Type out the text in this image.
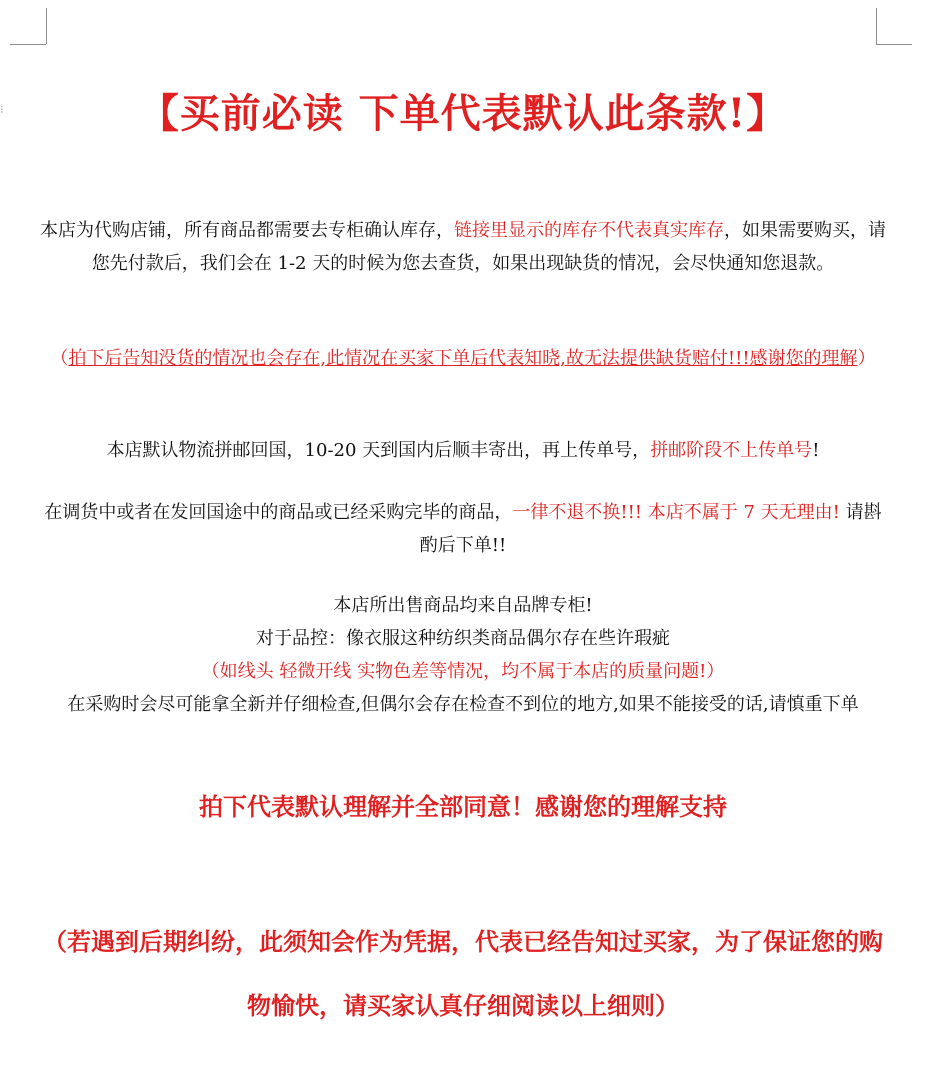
⁝	【买前必读 下单代表默认此条款!】

本店为代购店铺，所有商品都需要去专柜确认库存，链接里显示的库存不代表真实库存，如果需要购买，请您先付款后，我们会在 1-2 天的时候为您去查货，如果出现缺货的情况，会尽快通知您退款。

（拍下后告知没货的情况也会存在,此情况在买家下单后代表知晓,故无法提供缺货赔付!!!感谢您的理解）

本店默认物流拼邮回国，10-20 天到国内后顺丰寄出，再上传单号，拼邮阶段不上传单号!

在调货中或者在发回国途中的商品或已经采购完毕的商品，一律不退不换!!! 本店不属于 7 天无理由! 请斟酌后下单!!

本店所出售商品均来自品牌专柜!

对于品控：像衣服这种纺织类商品偶尔存在些许瑕疵

（如线头 轻微开线 实物色差等情况，均不属于本店的质量问题!）

在采购时会尽可能拿全新并仔细检查,但偶尔会存在检查不到位的地方,如果不能接受的话,请慎重下单

拍下代表默认理解并全部同意！感谢您的理解支持
（若遇到后期纠纷，此须知会作为凭据，代表已经告知过买家，为了保证您的购物愉快，请买家认真仔细阅读以上细则）
